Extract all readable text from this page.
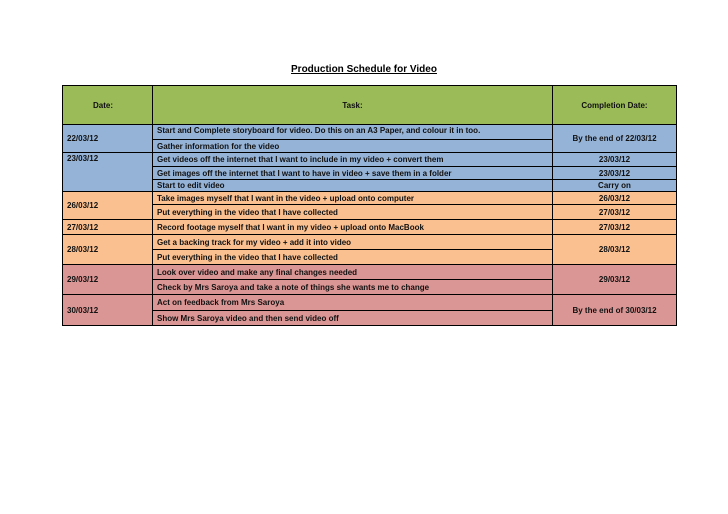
Production Schedule for Video
Date:	Task:	Completion Date:
22/03/12	Start and Complete storyboard for video. Do this on an A3 Paper, and colour it in too.	By the end of 22/03/12
	Gather information for the video	
23/03/12	Get videos off the internet that I want to include in my video + convert them	23/03/12
	Get images off the internet that I want to have in video + save them in a folder	23/03/12
	Start to edit video	Carry on
26/03/12	Take images myself that I want in the video + upload onto computer	26/03/12
	Put everything in the video that I have collected	27/03/12
27/03/12	Record footage myself that I want in my video + upload onto MacBook	27/03/12
28/03/12	Get a backing track for my video + add it into video	28/03/12
	Put everything in the video that I have collected	
29/03/12	Look over video and make any final changes needed	29/03/12
	Check by Mrs Saroya and take a note of things she wants me to change	
30/03/12	Act on feedback from Mrs Saroya	By the end of 30/03/12
	Show Mrs Saroya video and then send video off	
